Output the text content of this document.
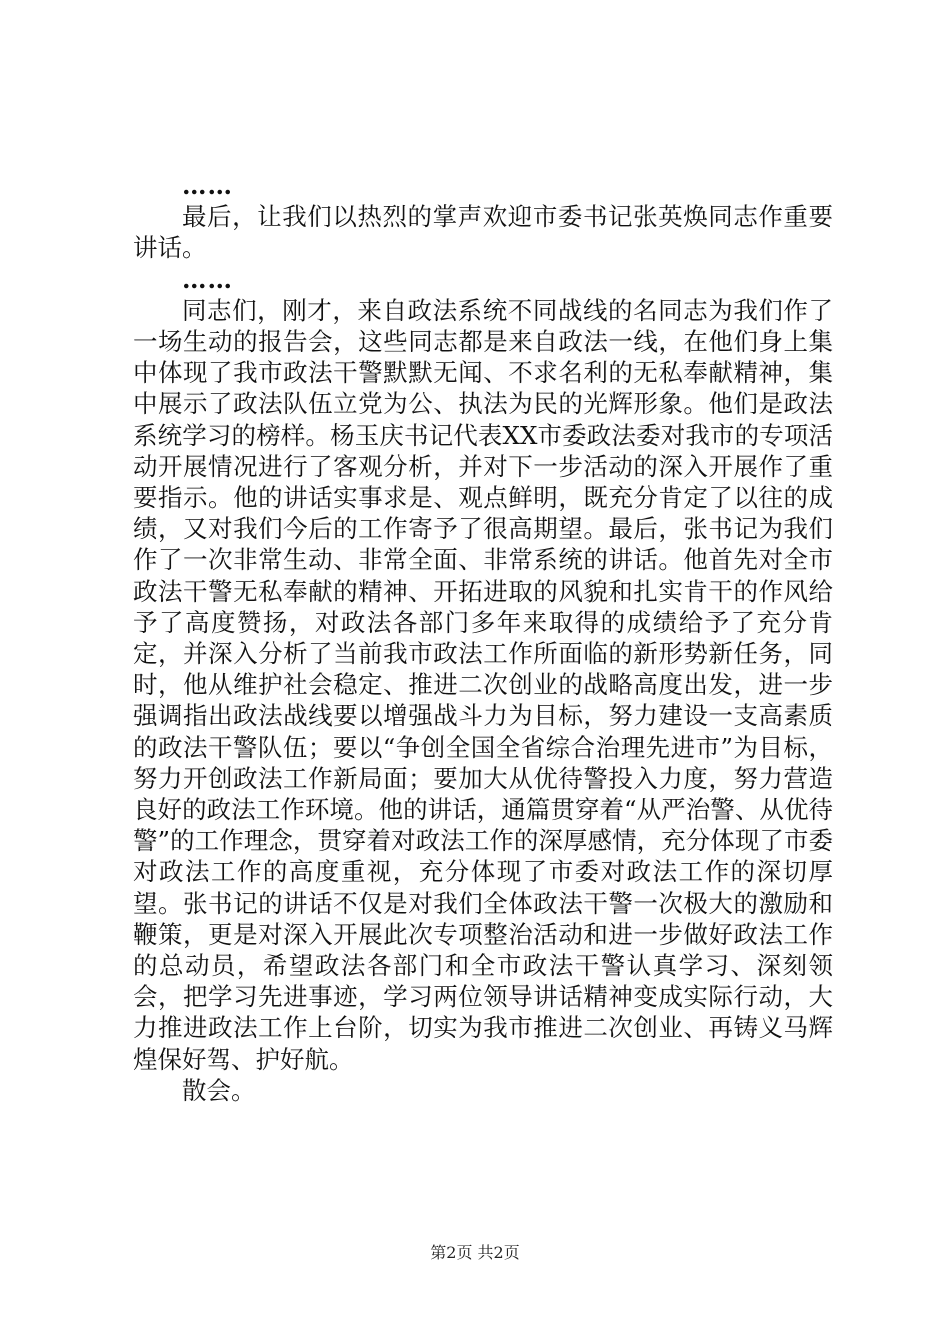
……

最后，让我们以热烈的掌声欢迎市委书记张英焕同志作重要讲话。

……

同志们，刚才，来自政法系统不同战线的名同志为我们作了一场生动的报告会，这些同志都是来自政法一线，在他们身上集中体现了我市政法干警默默无闻、不求名利的无私奉献精神，集中展示了政法队伍立党为公、执法为民的光辉形象。他们是政法系统学习的榜样。杨玉庆书记代表XX市委政法委对我市的专项活动开展情况进行了客观分析，并对下一步活动的深入开展作了重要指示。他的讲话实事求是、观点鲜明，既充分肯定了以往的成绩，又对我们今后的工作寄予了很高期望。最后，张书记为我们作了一次非常生动、非常全面、非常系统的讲话。他首先对全市政法干警无私奉献的精神、开拓进取的风貌和扎实肯干的作风给予了高度赞扬，对政法各部门多年来取得的成绩给予了充分肯定，并深入分析了当前我市政法工作所面临的新形势新任务，同时，他从维护社会稳定、推进二次创业的战略高度出发，进一步强调指出政法战线要以增强战斗力为目标，努力建设一支高素质的政法干警队伍；要以“争创全国全省综合治理先进市”为目标，努力开创政法工作新局面；要加大从优待警投入力度，努力营造良好的政法工作环境。他的讲话，通篇贯穿着“从严治警、从优待警”的工作理念，贯穿着对政法工作的深厚感情，充分体现了市委对政法工作的高度重视，充分体现了市委对政法工作的深切厚望。张书记的讲话不仅是对我们全体政法干警一次极大的激励和鞭策，更是对深入开展此次专项整治活动和进一步做好政法工作的总动员，希望政法各部门和全市政法干警认真学习、深刻领会，把学习先进事迹，学习两位领导讲话精神变成实际行动，大力推进政法工作上台阶，切实为我市推进二次创业、再铸义马辉煌保好驾、护好航。

散会。

第2页 共2页
